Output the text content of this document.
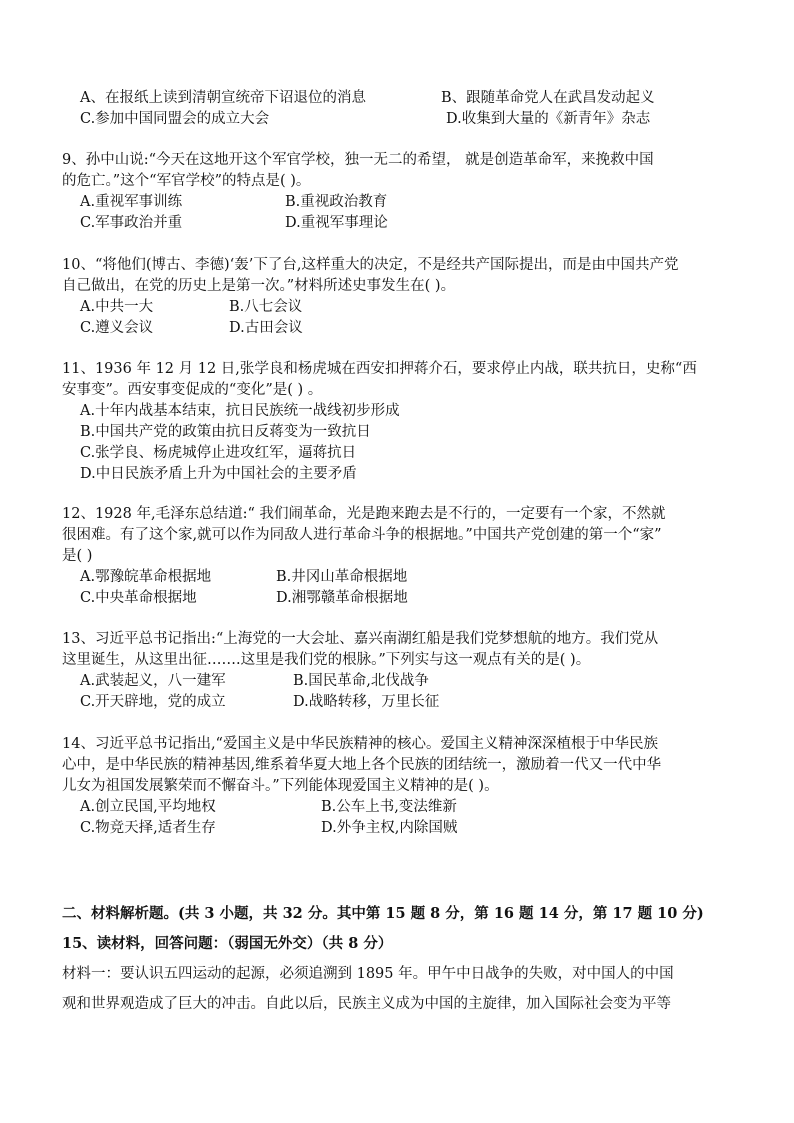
A、在报纸上读到清朝宣统帝下诏退位的消息	B、跟随革命党人在武昌发动起义
C.参加中国同盟会的成立大会	D.收集到大量的《新青年》杂志
9、孙中山说:“今天在这地开这个军官学校，独一无二的希望， 就是创造革命军，来挽救中国
的危亡。”这个“军官学校”的特点是( )。
A.重视军事训练	B.重视政治教育
C.军事政治并重	D.重视军事理论
10、“将他们(博古、李德)‘轰’下了台,这样重大的决定，不是经共产国际提出，而是由中国共产党
自己做出，在党的历史上是第一次。”材料所述史事发生在( )。
A.中共一大	B.八七会议
C.遵义会议	D.古田会议
11、1936 年 12 月 12 日,张学良和杨虎城在西安扣押蒋介石，要求停止内战，联共抗日，史称“西
安事变”。西安事变促成的“变化”是( ) 。
A.十年内战基本结束，抗日民族统一战线初步形成
B.中国共产党的政策由抗日反蒋变为一致抗日
C.张学良、杨虎城停止进攻红军，逼蒋抗日
D.中日民族矛盾上升为中国社会的主要矛盾
12、1928 年,毛泽东总结道:“ 我们闹革命，光是跑来跑去是不行的，一定要有一个家，不然就
很困难。有了这个家,就可以作为同敌人进行革命斗争的根据地。”中国共产党创建的第一个“家”
是( )
A.鄂豫皖革命根据地	B.井冈山革命根据地
C.中央革命根据地	D.湘鄂赣革命根据地
13、习近平总书记指出:“上海党的一大会址、嘉兴南湖红船是我们党梦想航的地方。我们党从
这里诞生，从这里出征…….这里是我们党的根脉。”下列实与这一观点有关的是( )。
A.武装起义，八一建军	B.国民革命,北伐战争
C.开天辟地，党的成立	D.战略转移，万里长征
14、习近平总书记指出,“爱国主义是中华民族精神的核心。爱国主义精神深深植根于中华民族
心中，是中华民族的精神基因,维系着华夏大地上各个民族的团结统一，激励着一代又一代中华
儿女为祖国发展繁荣而不懈奋斗。”下列能体现爱国主义精神的是( )。
A.创立民国,平均地权	B.公车上书,变法维新
C.物竞天择,适者生存	D.外争主权,内除国贼
二、材料解析题。(共 3 小题，共 32 分。其中第 15 题 8 分，第 16 题 14 分，第 17 题 10 分)
15、读材料，回答问题：（弱国无外交）（共 8 分）
材料一：要认识五四运动的起源，必须追溯到 1895 年。甲午中日战争的失败，对中国人的中国
观和世界观造成了巨大的冲击。自此以后，民族主义成为中国的主旋律，加入国际社会变为平等
